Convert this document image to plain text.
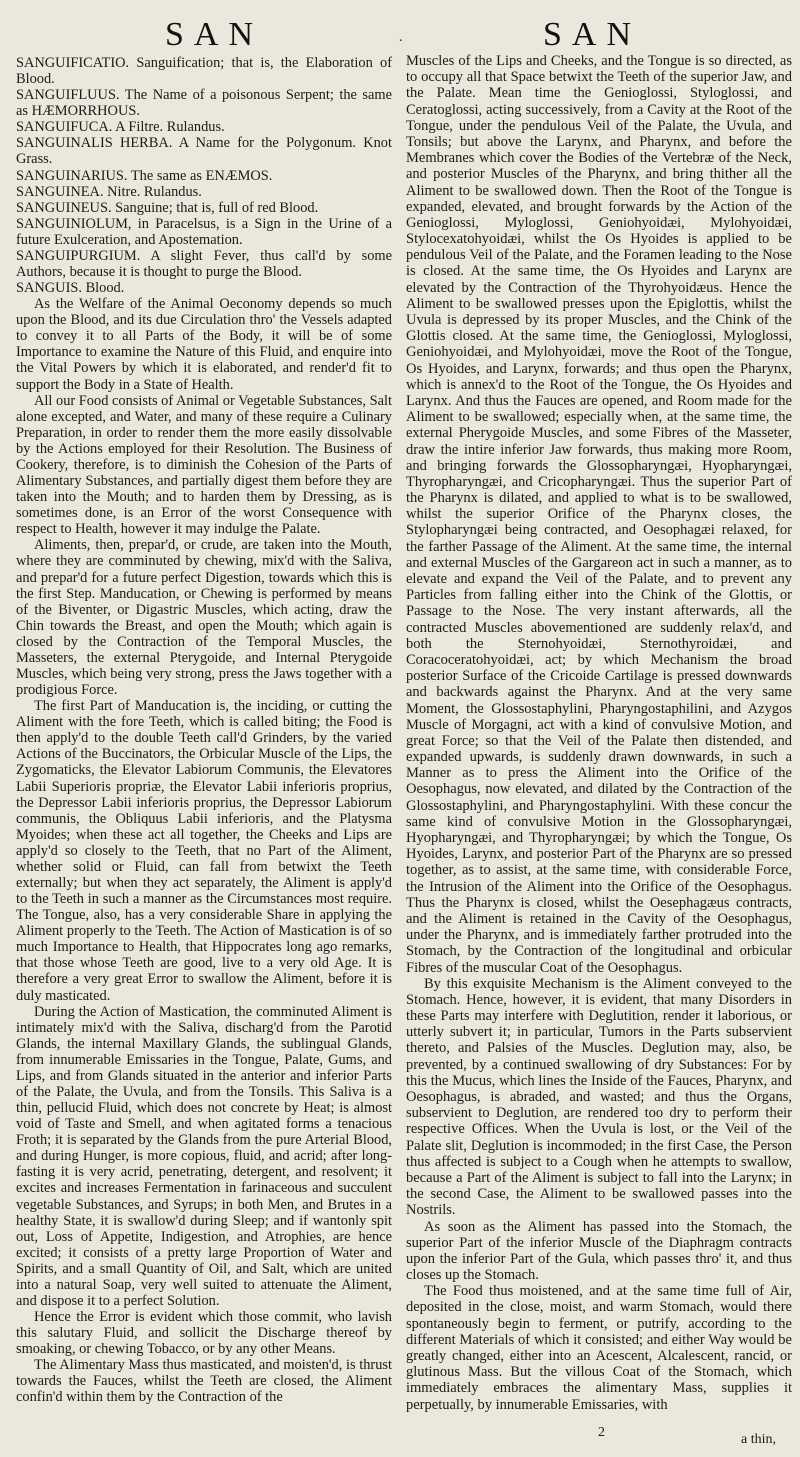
SAN	.	SAN

SANGUIFICATIO. Sanguification; that is, the Elaboration of Blood.

SANGUIFLUUS. The Name of a poisonous Serpent; the same as HÆMORRHOUS.

SANGUIFUCA. A Filtre. Rulandus.

SANGUINALIS HERBA. A Name for the Polygonum. Knot Grass.

SANGUINARIUS. The same as ENÆMOS.

SANGUINEA. Nitre. Rulandus.

SANGUINEUS. Sanguine; that is, full of red Blood.

SANGUINIOLUM, in Paracelsus, is a Sign in the Urine of a future Exulceration, and Apostemation.

SANGUIPURGIUM. A slight Fever, thus call'd by some Authors, because it is thought to purge the Blood.

SANGUIS. Blood.

As the Welfare of the Animal Oeconomy depends so much upon the Blood, and its due Circulation thro' the Vessels adapted to convey it to all Parts of the Body, it will be of some Importance to examine the Nature of this Fluid, and enquire into the Vital Powers by which it is elaborated, and render'd fit to support the Body in a State of Health.

All our Food consists of Animal or Vegetable Substances, Salt alone excepted, and Water, and many of these require a Culinary Preparation, in order to render them the more easily dissolvable by the Actions employed for their Resolution. The Business of Cookery, therefore, is to diminish the Cohesion of the Parts of Alimentary Substances, and partially digest them before they are taken into the Mouth; and to harden them by Dressing, as is sometimes done, is an Error of the worst Consequence with respect to Health, however it may indulge the Palate.

Aliments, then, prepar'd, or crude, are taken into the Mouth, where they are comminuted by chewing, mix'd with the Saliva, and prepar'd for a future perfect Digestion, towards which this is the first Step. Manducation, or Chewing is performed by means of the Biventer, or Digastric Muscles, which acting, draw the Chin towards the Breast, and open the Mouth; which again is closed by the Contraction of the Temporal Muscles, the Masseters, the external Pterygoide, and Internal Pterygoide Muscles, which being very strong, press the Jaws together with a prodigious Force.

The first Part of Manducation is, the inciding, or cutting the Aliment with the fore Teeth, which is called biting; the Food is then apply'd to the double Teeth call'd Grinders, by the varied Actions of the Buccinators, the Orbicular Muscle of the Lips, the Zygomaticks, the Elevator Labiorum Communis, the Elevatores Labii Superioris propriæ, the Elevator Labii inferioris proprius, the Depressor Labii inferioris proprius, the Depressor Labiorum communis, the Obliquus Labii inferioris, and the Platysma Myoides; when these act all together, the Cheeks and Lips are apply'd so closely to the Teeth, that no Part of the Aliment, whether solid or Fluid, can fall from betwixt the Teeth externally; but when they act separately, the Aliment is apply'd to the Teeth in such a manner as the Circumstances most require. The Tongue, also, has a very considerable Share in applying the Aliment properly to the Teeth. The Action of Mastication is of so much Importance to Health, that Hippocrates long ago remarks, that those whose Teeth are good, live to a very old Age. It is therefore a very great Error to swallow the Aliment, before it is duly masticated.

During the Action of Mastication, the comminuted Aliment is intimately mix'd with the Saliva, discharg'd from the Parotid Glands, the internal Maxillary Glands, the sublingual Glands, from innumerable Emissaries in the Tongue, Palate, Gums, and Lips, and from Glands situated in the anterior and inferior Parts of the Palate, the Uvula, and from the Tonsils. This Saliva is a thin, pellucid Fluid, which does not concrete by Heat; is almost void of Taste and Smell, and when agitated forms a tenacious Froth; it is separated by the Glands from the pure Arterial Blood, and during Hunger, is more copious, fluid, and acrid; after long-fasting it is very acrid, penetrating, detergent, and resolvent; it excites and increases Fermentation in farinaceous and succulent vegetable Substances, and Syrups; in both Men, and Brutes in a healthy State, it is swallow'd during Sleep; and if wantonly spit out, Loss of Appetite, Indigestion, and Atrophies, are hence excited; it consists of a pretty large Proportion of Water and Spirits, and a small Quantity of Oil, and Salt, which are united into a natural Soap, very well suited to attenuate the Aliment, and dispose it to a perfect Solution.

Hence the Error is evident which those commit, who lavish this salutary Fluid, and sollicit the Discharge thereof by smoaking, or chewing Tobacco, or by any other Means.

The Alimentary Mass thus masticated, and moisten'd, is thrust towards the Fauces, whilst the Teeth are closed, the Aliment confin'd within them by the Contraction of the

Muscles of the Lips and Cheeks, and the Tongue is so directed, as to occupy all that Space betwixt the Teeth of the superior Jaw, and the Palate. Mean time the Genioglossi, Styloglossi, and Ceratoglossi, acting successively, from a Cavity at the Root of the Tongue, under the pendulous Veil of the Palate, the Uvula, and Tonsils; but above the Larynx, and Pharynx, and before the Membranes which cover the Bodies of the Vertebræ of the Neck, and posterior Muscles of the Pharynx, and bring thither all the Aliment to be swallowed down. Then the Root of the Tongue is expanded, elevated, and brought forwards by the Action of the Genioglossi, Myloglossi, Geniohyoidæi, Mylohyoidæi, Stylocexatohyoidæi, whilst the Os Hyoides is applied to be pendulous Veil of the Palate, and the Foramen leading to the Nose is closed. At the same time, the Os Hyoides and Larynx are elevated by the Contraction of the Thyrohyoidæus. Hence the Aliment to be swallowed presses upon the Epiglottis, whilst the Uvula is depressed by its proper Muscles, and the Chink of the Glottis closed. At the same time, the Genioglossi, Myloglossi, Geniohyoidæi, and Mylohyoidæi, move the Root of the Tongue, Os Hyoides, and Larynx, forwards; and thus open the Pharynx, which is annex'd to the Root of the Tongue, the Os Hyoides and Larynx. And thus the Fauces are opened, and Room made for the Aliment to be swallowed; especially when, at the same time, the external Pherygoide Muscles, and some Fibres of the Masseter, draw the intire inferior Jaw forwards, thus making more Room, and bringing forwards the Glossopharyngæi, Hyopharyngæi, Thyropharyngæi, and Cricopharyngæi. Thus the superior Part of the Pharynx is dilated, and applied to what is to be swallowed, whilst the superior Orifice of the Pharynx closes, the Stylopharyngæi being contracted, and Oesophagæi relaxed, for the farther Passage of the Aliment. At the same time, the internal and external Muscles of the Gargareon act in such a manner, as to elevate and expand the Veil of the Palate, and to prevent any Particles from falling either into the Chink of the Glottis, or Passage to the Nose. The very instant afterwards, all the contracted Muscles abovementioned are suddenly relax'd, and both the Sternohyoidæi, Sternothyroidæi, and Coracoceratohyoidæi, act; by which Mechanism the broad posterior Surface of the Cricoide Cartilage is pressed downwards and backwards against the Pharynx. And at the very same Moment, the Glossostaphylini, Pharyngostaphilini, and Azygos Muscle of Morgagni, act with a kind of convulsive Motion, and great Force; so that the Veil of the Palate then distended, and expanded upwards, is suddenly drawn downwards, in such a Manner as to press the Aliment into the Orifice of the Oesophagus, now elevated, and dilated by the Contraction of the Glossostaphylini, and Pharyngostaphylini. With these concur the same kind of convulsive Motion in the Glossopharyngæi, Hyopharyngæi, and Thyropharyngæi; by which the Tongue, Os Hyoides, Larynx, and posterior Part of the Pharynx are so pressed together, as to assist, at the same time, with considerable Force, the Intrusion of the Aliment into the Orifice of the Oesophagus. Thus the Pharynx is closed, whilst the Oesephagæus contracts, and the Aliment is retained in the Cavity of the Oesophagus, under the Pharynx, and is immediately farther protruded into the Stomach, by the Contraction of the longitudinal and orbicular Fibres of the muscular Coat of the Oesophagus.

By this exquisite Mechanism is the Aliment conveyed to the Stomach. Hence, however, it is evident, that many Disorders in these Parts may interfere with Deglutition, render it laborious, or utterly subvert it; in particular, Tumors in the Parts subservient thereto, and Palsies of the Muscles. Deglution may, also, be prevented, by a continued swallowing of dry Substances: For by this the Mucus, which lines the Inside of the Fauces, Pharynx, and Oesophagus, is abraded, and wasted; and thus the Organs, subservient to Deglution, are rendered too dry to perform their respective Offices. When the Uvula is lost, or the Veil of the Palate slit, Deglution is incommoded; in the first Case, the Person thus affected is subject to a Cough when he attempts to swallow, because a Part of the Aliment is subject to fall into the Larynx; in the second Case, the Aliment to be swallowed passes into the Nostrils.

As soon as the Aliment has passed into the Stomach, the superior Part of the inferior Muscle of the Diaphragm contracts upon the inferior Part of the Gula, which passes thro' it, and thus closes up the Stomach.

The Food thus moistened, and at the same time full of Air, deposited in the close, moist, and warm Stomach, would there spontaneously begin to ferment, or putrify, according to the different Materials of which it consisted; and either Way would be greatly changed, either into an Acescent, Alcalescent, rancid, or glutinous Mass. But the villous Coat of the Stomach, which immediately embraces the alimentary Mass, supplies it perpetually, by innumerable Emissaries, with

2	a thin,
